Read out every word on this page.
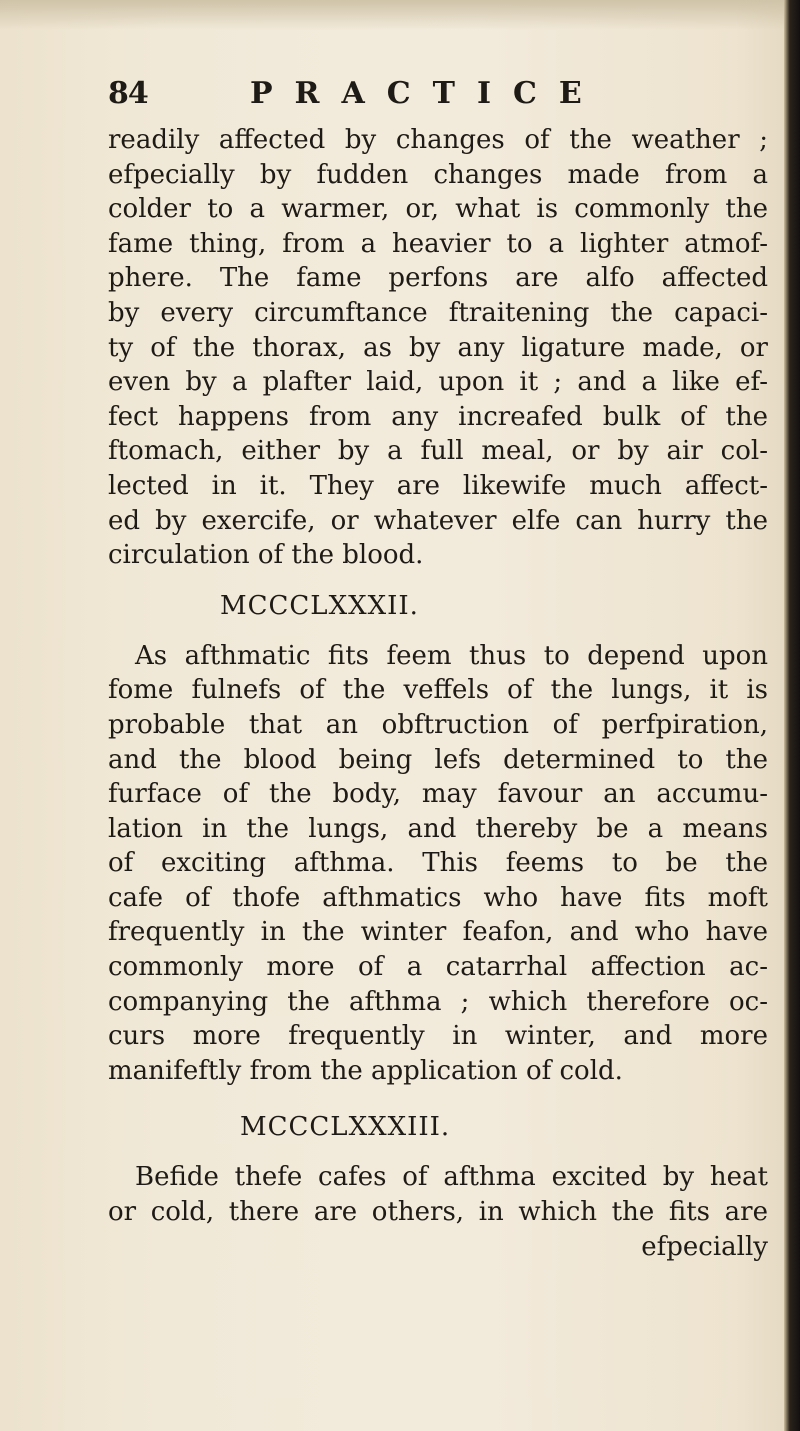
84	PRACTICE
readily affected by changes of the weather ;
efpecially by fudden changes made from a
colder to a warmer, or, what is commonly the
fame thing, from a heavier to a lighter atmof-
phere. The fame perfons are alfo affected
by every circumftance ftraitening the capaci-
ty of the thorax, as by any ligature made, or
even by a plafter laid, upon it ; and a like ef-
fect happens from any increafed bulk of the
ftomach, either by a full meal, or by air col-
lected in it. They are likewife much affect-
ed by exercife, or whatever elfe can hurry the
circulation of the blood.
MCCCLXXXII.
As afthmatic fits feem thus to depend upon
fome fulnefs of the veffels of the lungs, it is
probable that an obftruction of perfpiration,
and the blood being lefs determined to the
furface of the body, may favour an accumu-
lation in the lungs, and thereby be a means
of exciting afthma. This feems to be the
cafe of thofe afthmatics who have fits moft
frequently in the winter feafon, and who have
commonly more of a catarrhal affection ac-
companying the afthma ; which therefore oc-
curs more frequently in winter, and more
manifeftly from the application of cold.
MCCCLXXXIII.
Befide thefe cafes of afthma excited by heat
or cold, there are others, in which the fits are
efpecially
